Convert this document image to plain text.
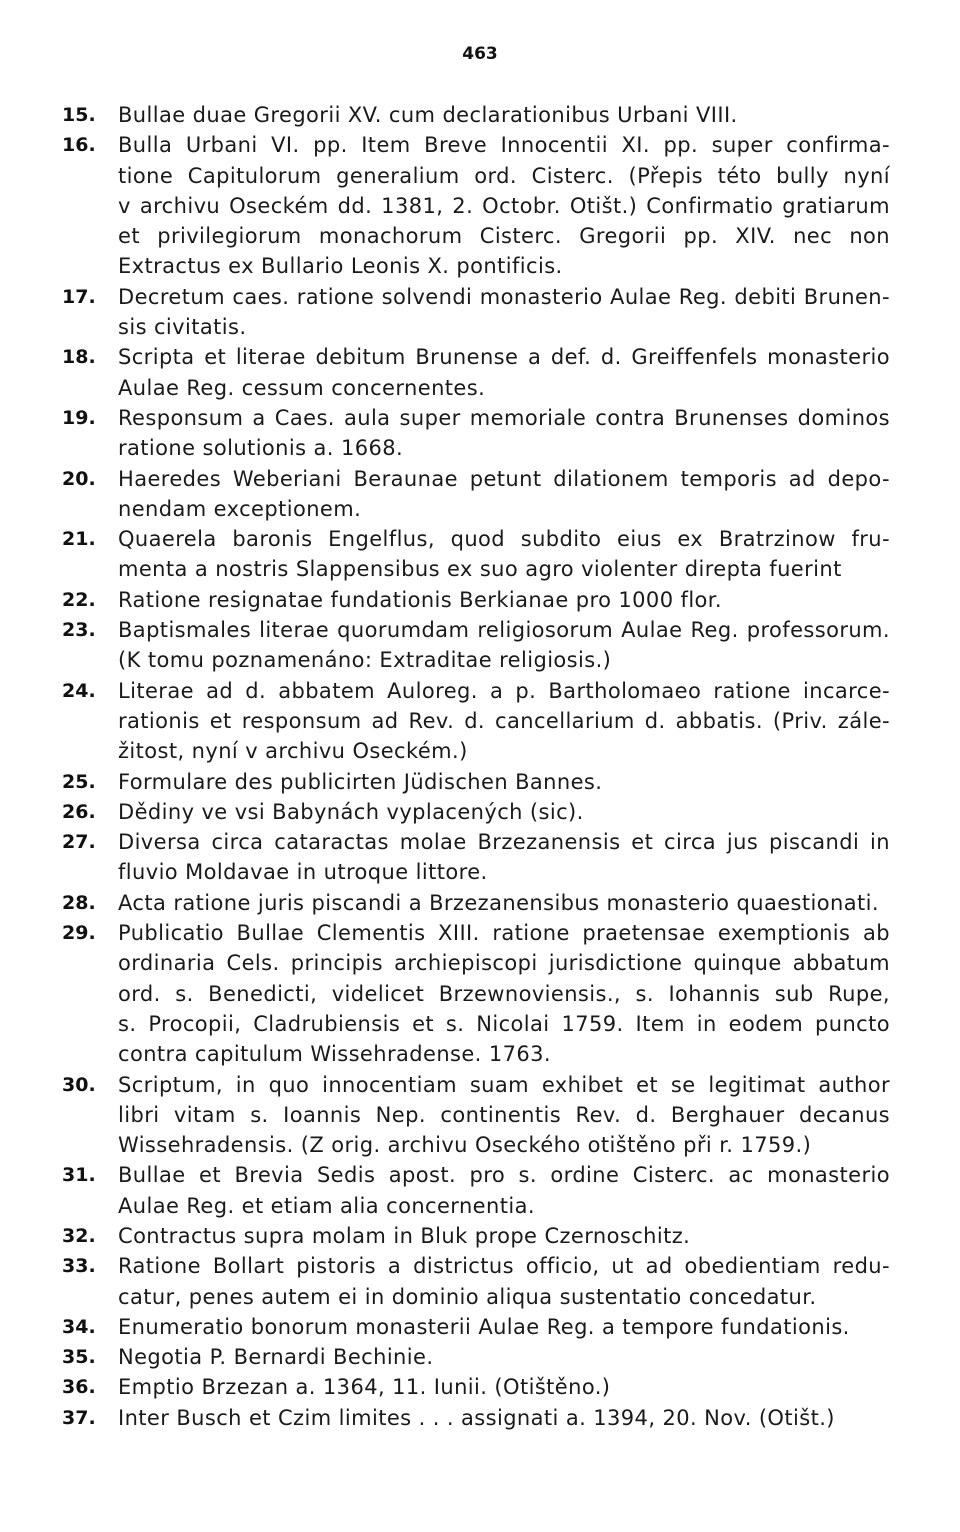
463
15.	Bullae duae Gregorii XV. cum declarationibus Urbani VIII.
16.	Bulla Urbani VI. pp. Item Breve Innocentii XI. pp. super confirma-
tione Capitulorum generalium ord. Cisterc. (Přepis této bully nyní
v archivu Oseckém dd. 1381, 2. Octobr. Otišt.) Confirmatio gratiarum
et privilegiorum monachorum Cisterc. Gregorii pp. XIV. nec non
Extractus ex Bullario Leonis X. pontificis.
17.	Decretum caes. ratione solvendi monasterio Aulae Reg. debiti Brunen-
sis civitatis.
18.	Scripta et literae debitum Brunense a def. d. Greiffenfels monasterio
Aulae Reg. cessum concernentes.
19.	Responsum a Caes. aula super memoriale contra Brunenses dominos
ratione solutionis a. 1668.
20.	Haeredes Weberiani Beraunae petunt dilationem temporis ad depo-
nendam exceptionem.
21.	Quaerela baronis Engelflus, quod subdito eius ex Bratrzinow fru-
menta a nostris Slappensibus ex suo agro violenter direpta fuerint
22.	Ratione resignatae fundationis Berkianae pro 1000 flor.
23.	Baptismales literae quorumdam religiosorum Aulae Reg. professorum.
(K tomu poznamenáno: Extraditae religiosis.)
24.	Literae ad d. abbatem Auloreg. a p. Bartholomaeo ratione incarce-
rationis et responsum ad Rev. d. cancellarium d. abbatis. (Priv. zále-
žitost, nyní v archivu Oseckém.)
25.	Formulare des publicirten Jüdischen Bannes.
26.	Dědiny ve vsi Babynách vyplacených (sic).
27.	Diversa circa cataractas molae Brzezanensis et circa jus piscandi in
fluvio Moldavae in utroque littore.
28.	Acta ratione juris piscandi a Brzezanensibus monasterio quaestionati.
29.	Publicatio Bullae Clementis XIII. ratione praetensae exemptionis ab
ordinaria Cels. principis archiepiscopi jurisdictione quinque abbatum
ord. s. Benedicti, videlicet Brzewnoviensis., s. Iohannis sub Rupe,
s. Procopii, Cladrubiensis et s. Nicolai 1759. Item in eodem puncto
contra capitulum Wissehradense. 1763.
30.	Scriptum, in quo innocentiam suam exhibet et se legitimat author
libri vitam s. Ioannis Nep. continentis Rev. d. Berghauer decanus
Wissehradensis. (Z orig. archivu Oseckého otištěno při r. 1759.)
31.	Bullae et Brevia Sedis apost. pro s. ordine Cisterc. ac monasterio
Aulae Reg. et etiam alia concernentia.
32.	Contractus supra molam in Bluk prope Czernoschitz.
33.	Ratione Bollart pistoris a districtus officio, ut ad obedientiam redu-
catur, penes autem ei in dominio aliqua sustentatio concedatur.
34.	Enumeratio bonorum monasterii Aulae Reg. a tempore fundationis.
35.	Negotia P. Bernardi Bechinie.
36.	Emptio Brzezan a. 1364, 11. Iunii. (Otištěno.)
37.	Inter Busch et Czim limites . . . assignati a. 1394, 20. Nov. (Otišt.)
